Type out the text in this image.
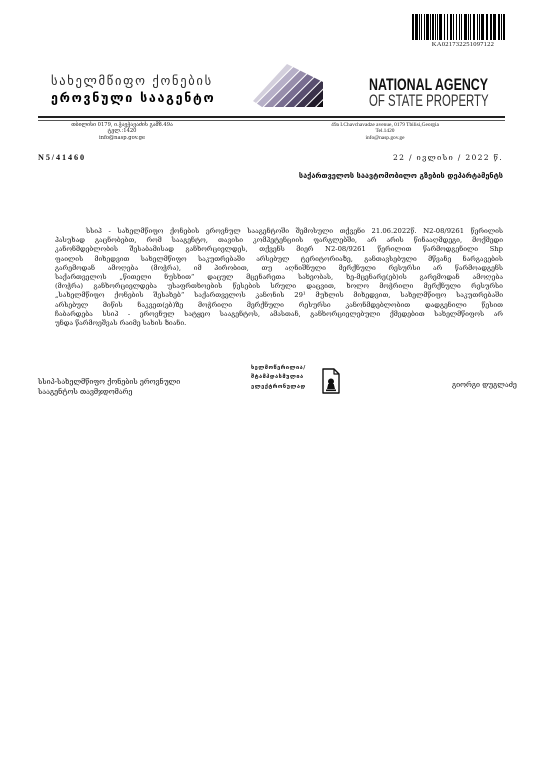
KA021732251097122
სახელმწიფო ქონების
ეროვნული სააგენტო
NATIONAL AGENCY
OF STATE PROPERTY
თბილისი 0179, ი.ჭავჭავაძის გამზ.49ა
ტელ.:1420
info@nasp.gov.ge
49a I.Chavchavadze avenue, 0179 Tbilisi,Georgia
Tel.1420
info@nasp.gov.ge
N5/41460	22 / ივლისი / 2022 წ.
საქართველოს საავტომობილო გზების დეპარტამენტს
სსიპ - სახელმწიფო ქონების ეროვნულ სააგენტოში შემოსული თქვენი 21.06.2022წ. N2-08/9261 წერილის
პასუხად გაცნობებთ, რომ სააგენტო, თავისი კომპეტენციის ფარგლებში, არ არის წინააღმდეგი, მოქმედი
კანონმდებლობის შესაბამისად განხორციელდეს, თქვენს მიერ N2-08/9261 წერილით წარმოდგენილი Shp
ფაილის მიხედვით სახელმწიფო საკუთრებაში არსებულ ტერიტორიაზე, განთავსებული მწვანე ნარგავების
გარემოდან ამოღება (მოჭრა), იმ პირობით, თუ აღნიშნული მერქნული რესურსი არ წარმოადგენს
საქართველოს „წითელი ნუსხით“ დაცულ მცენარეთა სახეობას, ხე-მცენარე(ებ)ის გარემოდან ამოღება
(მოჭრა) განხორციელდება უსაფრთხოების წესების სრული დაცვით, ხოლო მოჭრილი მერქნული რესურსი
„სახელმწიფო ქონების შესახებ“ საქართველოს კანონის 29¹ მუხლის მიხედვით, სახელმწიფო საკუთრებაში
არსებულ მიწის ნაკვეთ(ებ)ზე მოჭრილი მერქნული რესურსი კანონმდებლობით დადგენილი წესით
ჩაბარდება სსიპ - ეროვნულ სატყეო სააგენტოს, ამასთან, განხორციელებული ქმედებით სახელმწიფოს არ
უნდა წარმოეშვას რაიმე სახის ზიანი.
სსიპ-სახელმწიფო ქონების ეროვნული
სააგენტოს თავმჯდომარე
ხელმოწერილია/
შტამპდასმულია
ელექტრონულად	გიორგი დუგლაძე
